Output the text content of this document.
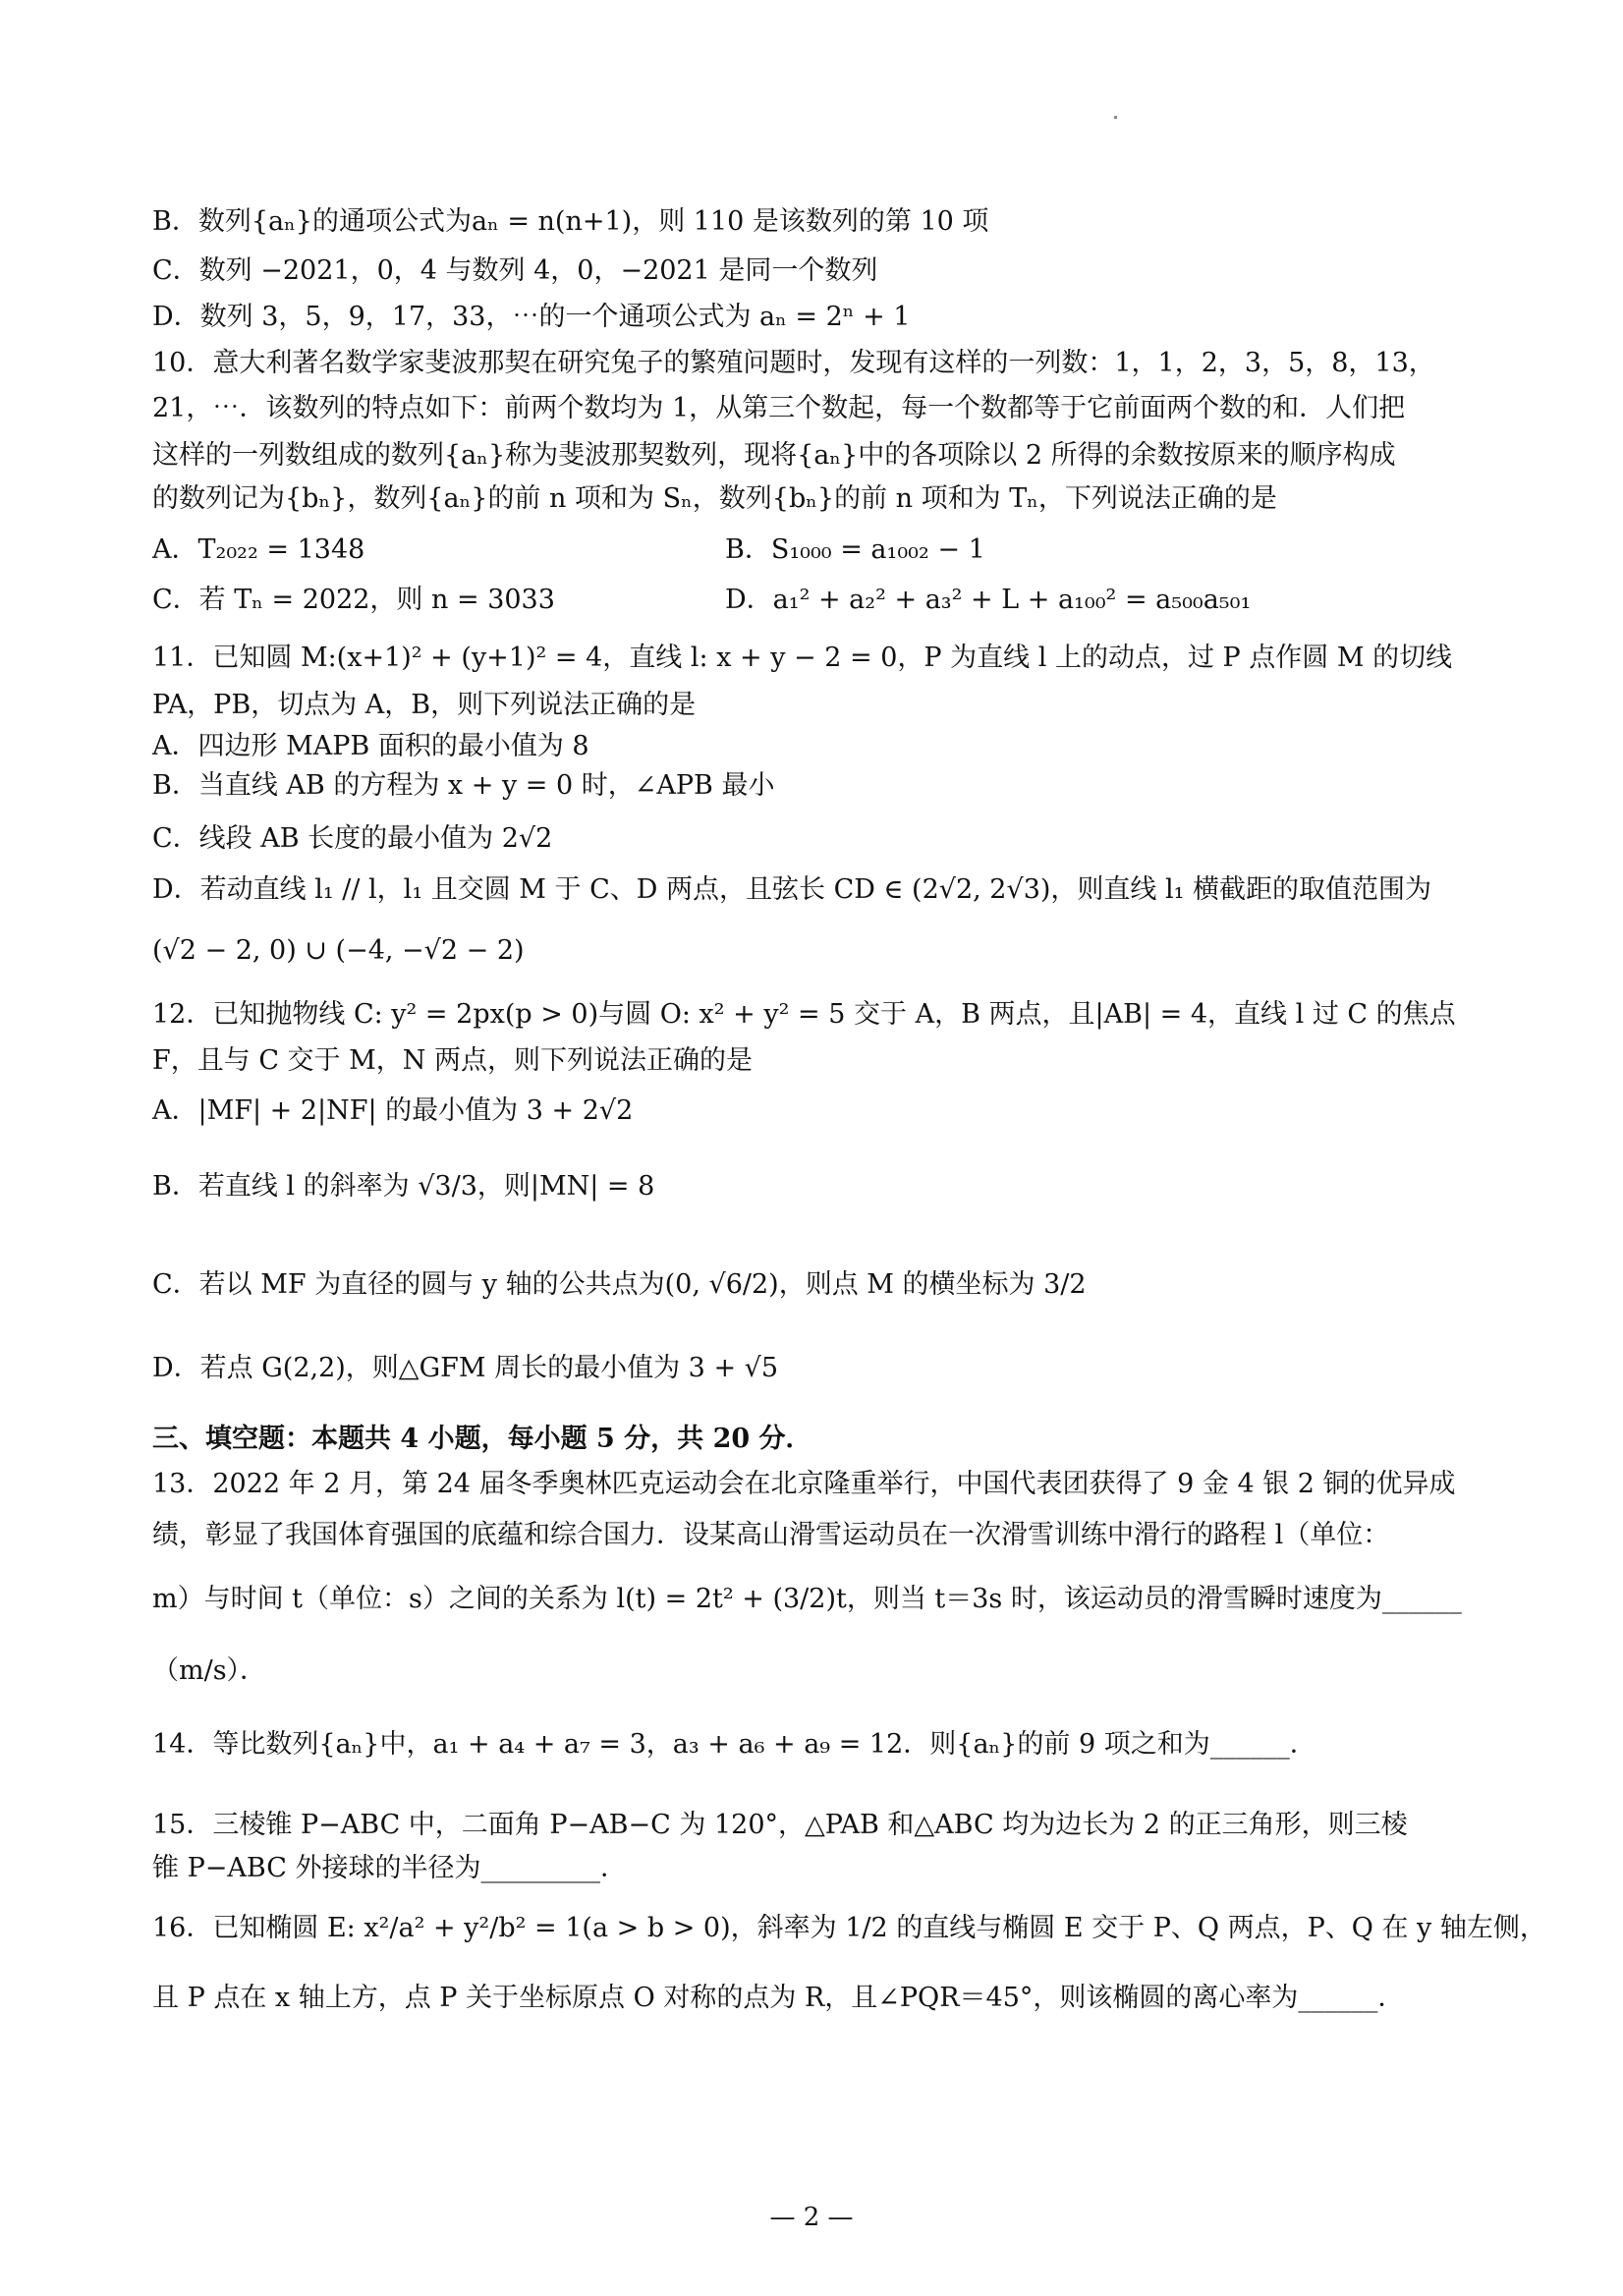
B．数列{aₙ}的通项公式为aₙ = n(n+1)，则 110 是该数列的第 10 项
C．数列 −2021，0，4 与数列 4，0，−2021 是同一个数列
D．数列 3，5，9，17，33，⋯的一个通项公式为 aₙ = 2ⁿ + 1
10．意大利著名数学家斐波那契在研究兔子的繁殖问题时，发现有这样的一列数：1，1，2，3，5，8，13，
21，⋯．该数列的特点如下：前两个数均为 1，从第三个数起，每一个数都等于它前面两个数的和．人们把
这样的一列数组成的数列{aₙ}称为斐波那契数列，现将{aₙ}中的各项除以 2 所得的余数按原来的顺序构成
的数列记为{bₙ}，数列{aₙ}的前 n 项和为 Sₙ，数列{bₙ}的前 n 项和为 Tₙ，下列说法正确的是
A．T₂₀₂₂ = 1348	B．S₁₀₀₀ = a₁₀₀₂ − 1
C．若 Tₙ = 2022，则 n = 3033	D．a₁² + a₂² + a₃² + L + a₁₀₀² = a₅₀₀a₅₀₁
11．已知圆 M:(x+1)² + (y+1)² = 4，直线 l: x + y − 2 = 0，P 为直线 l 上的动点，过 P 点作圆 M 的切线
PA，PB，切点为 A，B，则下列说法正确的是
A．四边形 MAPB 面积的最小值为 8
B．当直线 AB 的方程为 x + y = 0 时，∠APB 最小
C．线段 AB 长度的最小值为 2√2
D．若动直线 l₁ // l，l₁ 且交圆 M 于 C、D 两点，且弦长 CD ∈ (2√2, 2√3)，则直线 l₁ 横截距的取值范围为
(√2 − 2, 0) ∪ (−4, −√2 − 2)
12．已知抛物线 C: y² = 2px(p > 0)与圆 O: x² + y² = 5 交于 A，B 两点，且|AB| = 4，直线 l 过 C 的焦点
F，且与 C 交于 M，N 两点，则下列说法正确的是
A．|MF| + 2|NF| 的最小值为 3 + 2√2
B．若直线 l 的斜率为 √3/3，则|MN| = 8
C．若以 MF 为直径的圆与 y 轴的公共点为(0, √6/2)，则点 M 的横坐标为 3/2
D．若点 G(2,2)，则△GFM 周长的最小值为 3 + √5
三、填空题：本题共 4 小题，每小题 5 分，共 20 分．
13．2022 年 2 月，第 24 届冬季奥林匹克运动会在北京隆重举行，中国代表团获得了 9 金 4 银 2 铜的优异成
绩，彰显了我国体育强国的底蕴和综合国力．设某高山滑雪运动员在一次滑雪训练中滑行的路程 l（单位：
m）与时间 t（单位：s）之间的关系为 l(t) = 2t² + (3/2)t，则当 t＝3s 时，该运动员的滑雪瞬时速度为______
（m/s）．
14．等比数列{aₙ}中，a₁ + a₄ + a₇ = 3，a₃ + a₆ + a₉ = 12．则{aₙ}的前 9 项之和为______．
15．三棱锥 P−ABC 中，二面角 P−AB−C 为 120°，△PAB 和△ABC 均为边长为 2 的正三角形，则三棱
锥 P−ABC 外接球的半径为_________．
16．已知椭圆 E: x²/a² + y²/b² = 1(a > b > 0)，斜率为 1/2 的直线与椭圆 E 交于 P、Q 两点，P、Q 在 y 轴左侧，
且 P 点在 x 轴上方，点 P 关于坐标原点 O 对称的点为 R，且∠PQR＝45°，则该椭圆的离心率为______．
— 2 —
